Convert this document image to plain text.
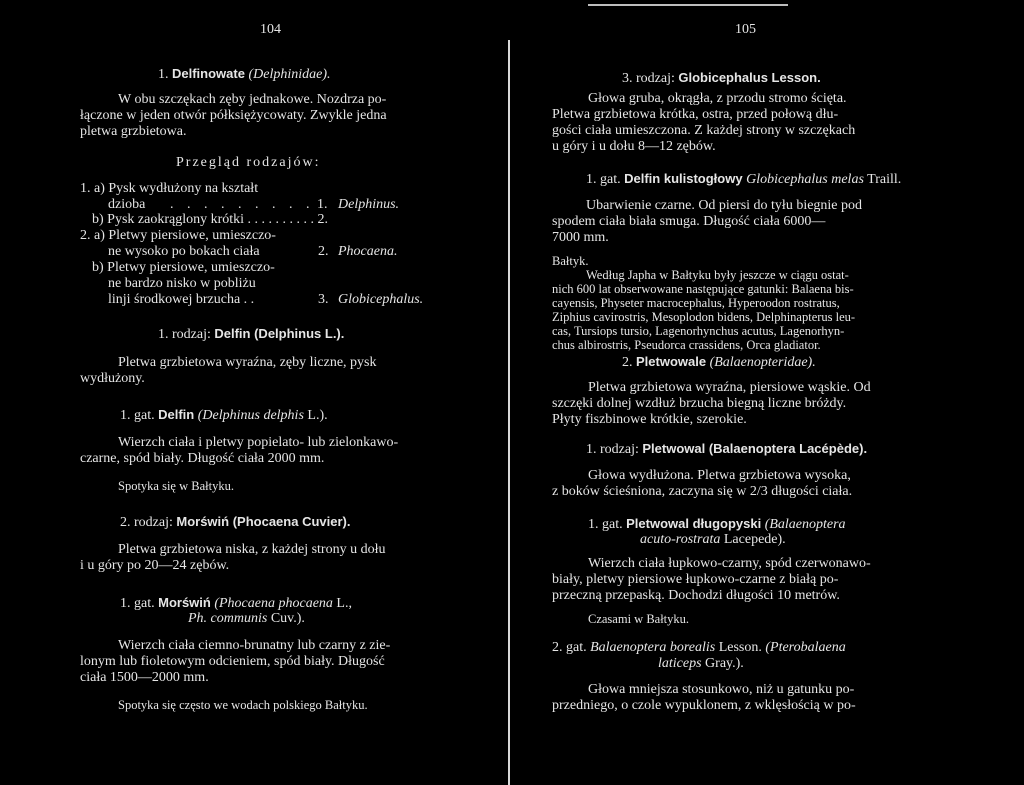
104
1. Delfinowate (Delphinidae).
W obu szczękach zęby jednakowe. Nozdrza po-
łączone w jeden otwór półksiężycowaty. Zwykle jedna
pletwa grzbietowa.
Przegląd rodzajów:
1. a) Pysk wydłużony na kształt
dzioba . . . . . . . . . 1. Delphinus.
b) Pysk zaokrąglony krótki . . . . . . . . . . 2.
2. a) Pletwy piersiowe, umieszczo-
ne wysoko po bokach ciała	2. Phocaena.
b) Pletwy piersiowe, umieszczo-
ne bardzo nisko w pobliżu
linji środkowej brzucha . .	3. Globicephalus.
1. rodzaj: Delfin (Delphinus L.).
Pletwa grzbietowa wyraźna, zęby liczne, pysk
wydłużony.
1. gat. Delfin (Delphinus delphis L.).
Wierzch ciała i pletwy popielato- lub zielonkawo-
czarne, spód biały. Długość ciała 2000 mm.
Spotyka się w Bałtyku.
2. rodzaj: Morświń (Phocaena Cuvier).
Pletwa grzbietowa niska, z każdej strony u dołu
i u góry po 20—24 zębów.
1. gat. Morświń (Phocaena phocaena L.,
Ph. communis Cuv.).
Wierzch ciała ciemno-brunatny lub czarny z zie-
lonym lub fioletowym odcieniem, spód biały. Długość
ciała 1500—2000 mm.
Spotyka się często we wodach polskiego Bałtyku.
105
3. rodzaj: Globicephalus Lesson.
Głowa gruba, okrągła, z przodu stromo ścięta.
Pletwa grzbietowa krótka, ostra, przed połową dłu-
gości ciała umieszczona. Z każdej strony w szczękach
u góry i u dołu 8—12 zębów.
1. gat. Delfin kulistogłowy Globicephalus melas Traill.
Ubarwienie czarne. Od piersi do tyłu biegnie pod
spodem ciała biała smuga. Długość ciała 6000—
7000 mm.
Bałtyk.
Według Japha w Bałtyku były jeszcze w ciągu ostat-
nich 600 lat obserwowane następujące gatunki: Balaena bis-
cayensis, Physeter macrocephalus, Hyperoodon rostratus,
Ziphius cavirostris, Mesoplodon bidens, Delphinapterus leu-
cas, Tursiops tursio, Lagenorhynchus acutus, Lagenorhyn-
chus albirostris, Pseudorca crassidens, Orca gladiator.
2. Pletwowale (Balaenopteridae).
Pletwa grzbietowa wyraźna, piersiowe wąskie. Od
szczęki dolnej wzdłuż brzucha biegną liczne bróżdy.
Płyty fiszbinowe krótkie, szerokie.
1. rodzaj: Pletwowal (Balaenoptera Lacépède).
Głowa wydłużona. Pletwa grzbietowa wysoka,
z boków ścieśniona, zaczyna się w 2/3 długości ciała.
1. gat. Pletwowal długopyski (Balaenoptera
acuto-rostrata Lacepede).
Wierzch ciała łupkowo-czarny, spód czerwonawo-
biały, pletwy piersiowe łupkowo-czarne z białą po-
przeczną przepaską. Dochodzi długości 10 metrów.
Czasami w Bałtyku.
2. gat. Balaenoptera borealis Lesson. (Pterobalaena
laticeps Gray.).
Głowa mniejsza stosunkowo, niż u gatunku po-
przedniego, o czole wypuklonem, z wklęsłością w po-
